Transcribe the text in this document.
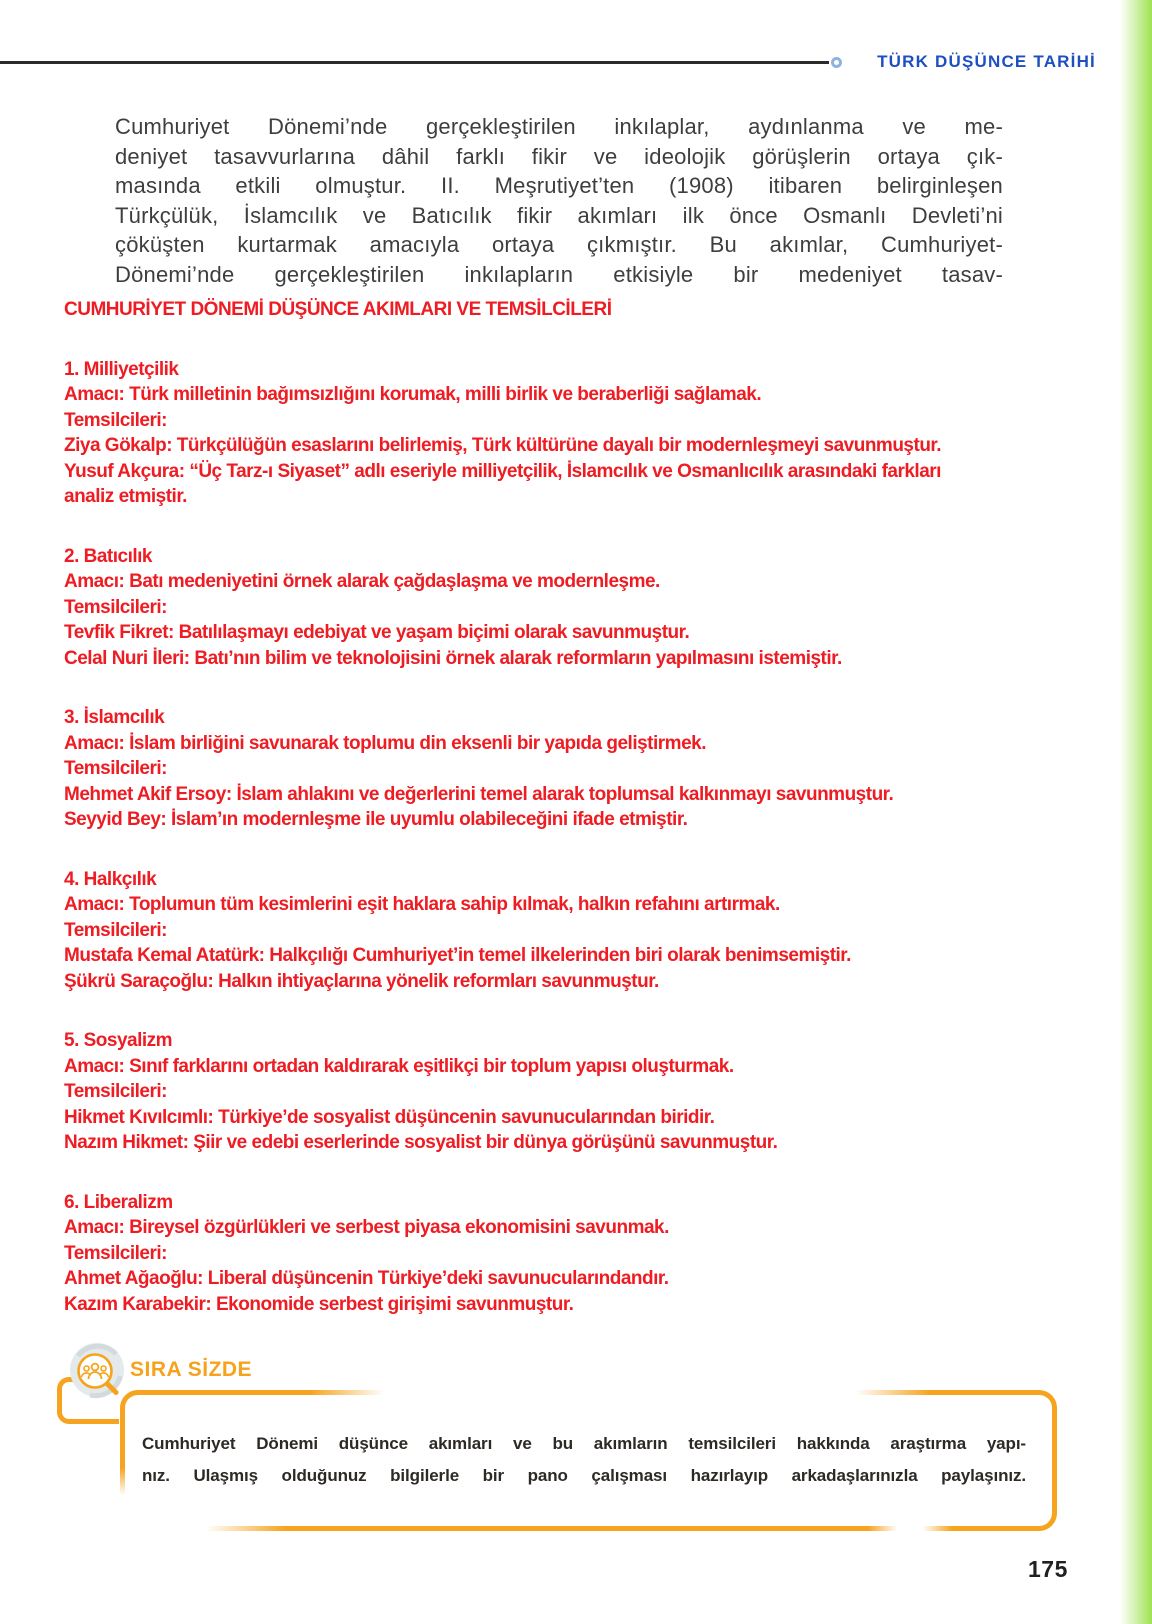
TÜRK DÜŞÜNCE TARİHİ
Cumhuriyet Dönemi’nde gerçekleştirilen inkılaplar, aydınlanma ve me-
deniyet tasavvurlarına dâhil farklı fikir ve ideolojik görüşlerin ortaya çık-
masında etkili olmuştur. II. Meşrutiyet’ten (1908) itibaren belirginleşen
Türkçülük, İslamcılık ve Batıcılık fikir akımları ilk önce Osmanlı Devleti’ni
çöküşten kurtarmak amacıyla ortaya çıkmıştır. Bu akımlar, Cumhuriyet-
Dönemi’nde gerçekleştirilen inkılapların etkisiyle bir medeniyet tasav-
CUMHURİYET DÖNEMİ DÜŞÜNCE AKIMLARI VE TEMSİLCİLERİ
1. Milliyetçilik
Amacı: Türk milletinin bağımsızlığını korumak, milli birlik ve beraberliği sağlamak.
Temsilcileri:
Ziya Gökalp: Türkçülüğün esaslarını belirlemiş, Türk kültürüne dayalı bir modernleşmeyi savunmuştur.
Yusuf Akçura: “Üç Tarz-ı Siyaset” adlı eseriyle milliyetçilik, İslamcılık ve Osmanlıcılık arasındaki farkları
analiz etmiştir.
2. Batıcılık
Amacı: Batı medeniyetini örnek alarak çağdaşlaşma ve modernleşme.
Temsilcileri:
Tevfik Fikret: Batılılaşmayı edebiyat ve yaşam biçimi olarak savunmuştur.
Celal Nuri İleri: Batı’nın bilim ve teknolojisini örnek alarak reformların yapılmasını istemiştir.
3. İslamcılık
Amacı: İslam birliğini savunarak toplumu din eksenli bir yapıda geliştirmek.
Temsilcileri:
Mehmet Akif Ersoy: İslam ahlakını ve değerlerini temel alarak toplumsal kalkınmayı savunmuştur.
Seyyid Bey: İslam’ın modernleşme ile uyumlu olabileceğini ifade etmiştir.
4. Halkçılık
Amacı: Toplumun tüm kesimlerini eşit haklara sahip kılmak, halkın refahını artırmak.
Temsilcileri:
Mustafa Kemal Atatürk: Halkçılığı Cumhuriyet’in temel ilkelerinden biri olarak benimsemiştir.
Şükrü Saraçoğlu: Halkın ihtiyaçlarına yönelik reformları savunmuştur.
5. Sosyalizm
Amacı: Sınıf farklarını ortadan kaldırarak eşitlikçi bir toplum yapısı oluşturmak.
Temsilcileri:
Hikmet Kıvılcımlı: Türkiye’de sosyalist düşüncenin savunucularından biridir.
Nazım Hikmet: Şiir ve edebi eserlerinde sosyalist bir dünya görüşünü savunmuştur.
6. Liberalizm
Amacı: Bireysel özgürlükleri ve serbest piyasa ekonomisini savunmak.
Temsilcileri:
Ahmet Ağaoğlu: Liberal düşüncenin Türkiye’deki savunucularındandır.
Kazım Karabekir: Ekonomide serbest girişimi savunmuştur.
SIRA SİZDE
Cumhuriyet Dönemi düşünce akımları ve bu akımların temsilcileri hakkında araştırma yapı-
nız. Ulaşmış olduğunuz bilgilerle bir pano çalışması hazırlayıp arkadaşlarınızla paylaşınız.
175
